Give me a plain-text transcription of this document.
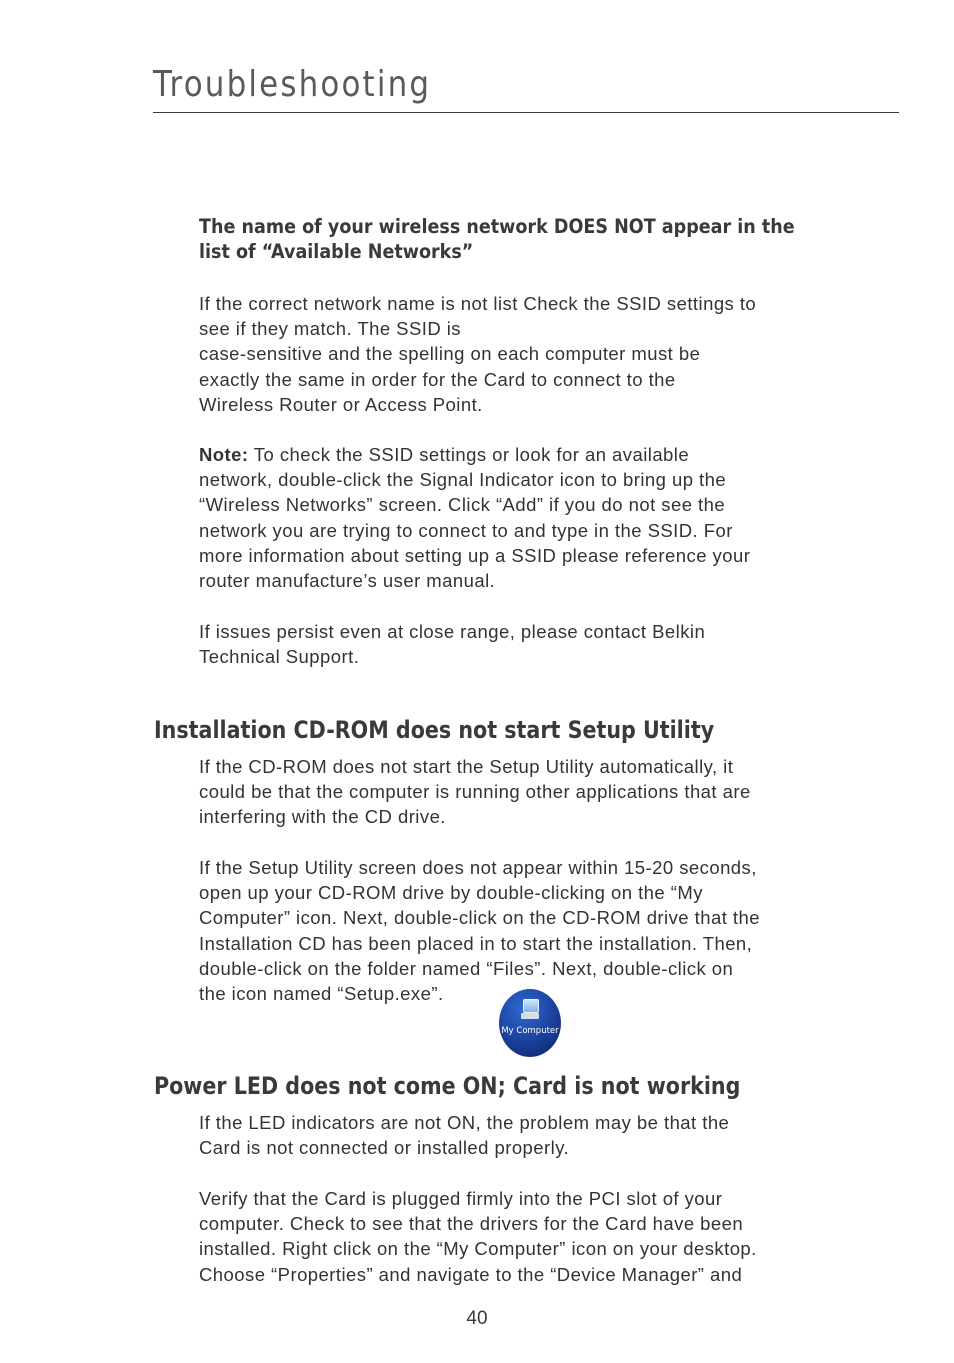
Troubleshooting
The name of your wireless network DOES NOT appear in the
list of “Available Networks”

If the correct network name is not list Check the SSID settings to
see if they match. The SSID is
case-sensitive and the spelling on each computer must be
exactly the same in order for the Card to connect to the
Wireless Router or Access Point.

Note: To check the SSID settings or look for an available
network, double-click the Signal Indicator icon to bring up the
“Wireless Networks” screen. Click “Add” if you do not see the
network you are trying to connect to and type in the SSID. For
more information about setting up a SSID please reference your
router manufacture’s user manual.

If issues persist even at close range, please contact Belkin
Technical Support.

Installation CD-ROM does not start Setup Utility

If the CD-ROM does not start the Setup Utility automatically, it
could be that the computer is running other applications that are
interfering with the CD drive.

If the Setup Utility screen does not appear within 15-20 seconds,
open up your CD-ROM drive by double-clicking on the “My
Computer” icon. Next, double-click on the CD-ROM drive that the
Installation CD has been placed in to start the installation. Then,
double-click on the folder named “Files”. Next, double-click on
the icon named “Setup.exe”.

My Computer
Power LED does not come ON; Card is not working

If the LED indicators are not ON, the problem may be that the
Card is not connected or installed properly.

Verify that the Card is plugged firmly into the PCI slot of your
computer. Check to see that the drivers for the Card have been
installed. Right click on the “My Computer” icon on your desktop.
Choose “Properties” and navigate to the “Device Manager” and

40
